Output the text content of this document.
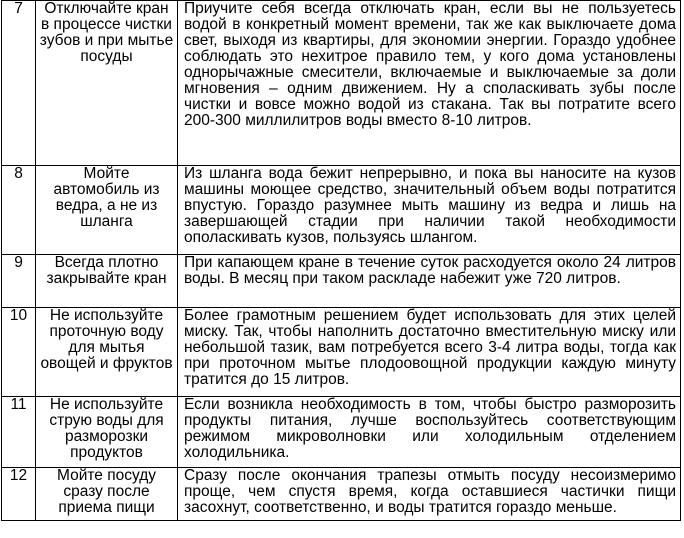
7	Отключайте кран в процессе чистки зубов и при мытье посуды	Приучите себя всегда отключать кран, если вы не пользуетесь водой в конкретный момент времени, так же как выключаете дома свет, выходя из квартиры, для экономии энергии. Гораздо удобнее соблюдать это нехитрое правило тем, у кого дома установлены однорычажные смесители, включаемые и выключаемые за доли мгновения – одним движением. Ну а споласкивать зубы после чистки и вовсе можно водой из стакана. Так вы потратите всего 200-300 миллилитров воды вместо 8-10 литров.
8	Мойте автомобиль из ведра, а не из шланга	Из шланга вода бежит непрерывно, и пока вы наносите на кузов машины моющее средство, значительный объем воды потратится впустую. Гораздо разумнее мыть машину из ведра и лишь на завершающей стадии при наличии такой необходимости ополаскивать кузов, пользуясь шлангом.
9	Всегда плотно закрывайте кран	При капающем кране в течение суток расходуется около 24 литров воды. В месяц при таком раскладе набежит уже 720 литров.
10	Не используйте проточную воду для мытья овощей и фруктов	Более грамотным решением будет использовать для этих целей миску. Так, чтобы наполнить достаточно вместительную миску или небольшой тазик, вам потребуется всего 3-4 литра воды, тогда как при проточном мытье плодоовощной продукции каждую минуту тратится до 15 литров.
11	Не используйте струю воды для разморозки продуктов	Если возникла необходимость в том, чтобы быстро разморозить продукты питания, лучше воспользуйтесь соответствующим режимом микроволновки или холодильным отделением холодильника.
12	Мойте посуду сразу после приема пищи	Сразу после окончания трапезы отмыть посуду несоизмеримо проще, чем спустя время, когда оставшиеся частички пищи засохнут, соответственно, и воды тратится гораздо меньше.
